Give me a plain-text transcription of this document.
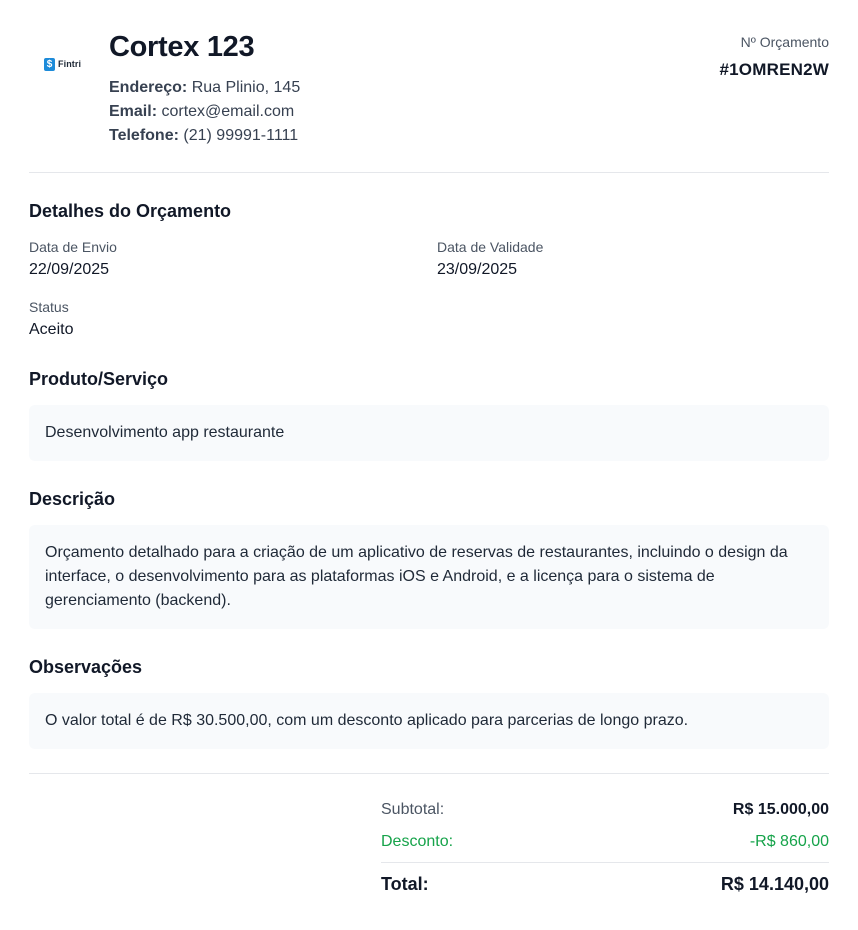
$ Fintri
Cortex 123
Endereço: Rua Plinio, 145
Email: cortex@email.com
Telefone: (21) 99991-1111
Nº Orçamento
#1OMREN2W
Detalhes do Orçamento
Data de Envio
22/09/2025
Data de Validade
23/09/2025
Status
Aceito
Produto/Serviço
Desenvolvimento app restaurante
Descrição
Orçamento detalhado para a criação de um aplicativo de reservas de restaurantes, incluindo o design da interface, o desenvolvimento para as plataformas iOS e Android, e a licença para o sistema de gerenciamento (backend).
Observações
O valor total é de R$ 30.500,00, com um desconto aplicado para parcerias de longo prazo.
Subtotal:	R$ 15.000,00
Desconto:	-R$ 860,00
Total:	R$ 14.140,00
